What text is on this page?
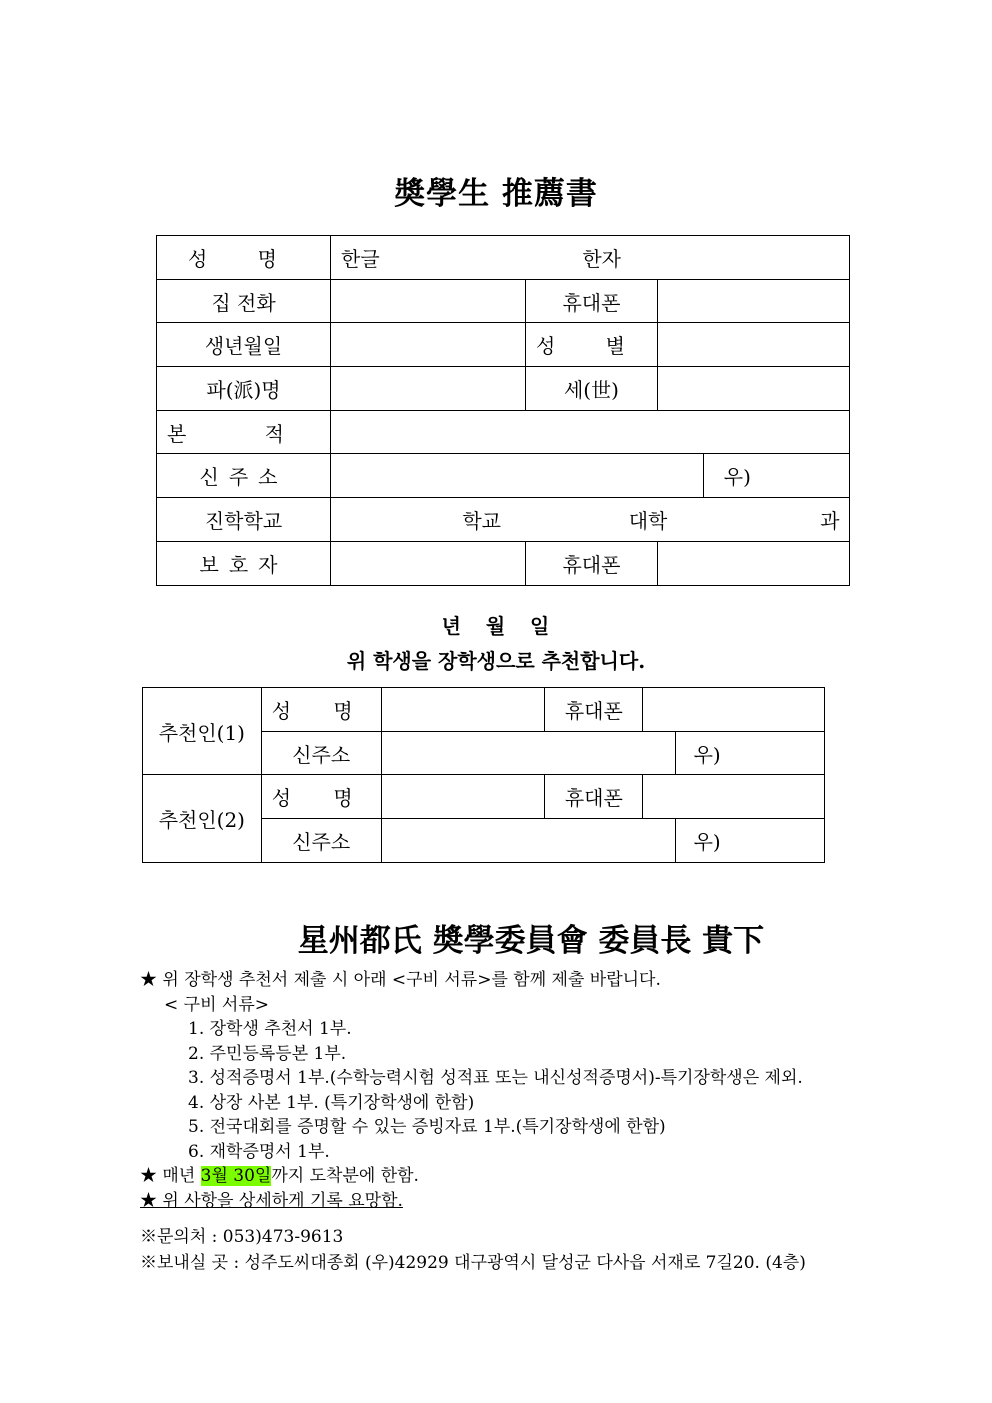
奬學生 推薦書
성 명	한글 한자			
집 전화		휴대폰		
생년월일		성 별		
파(派)명		세(世)		
본 적				
신주소				우)
진학학교	학교 대학 과			
보호자		휴대폰		
년   월   일
위 학생을 장학생으로 추천합니다.
추천인(1)	성 명		휴대폰		
	신주소				우)
추천인(2)	성 명		휴대폰		
	신주소				우)
星州都氏 奬學委員會 委員長 貴下
★ 위 장학생 추천서 제출 시 아래 <구비 서류>를 함께 제출 바랍니다.
< 구비 서류>
1. 장학생 추천서 1부.
2. 주민등록등본 1부.
3. 성적증명서 1부.(수학능력시험 성적표 또는 내신성적증명서)-특기장학생은 제외.
4. 상장 사본 1부. (특기장학생에 한함)
5. 전국대회를 증명할 수 있는 증빙자료 1부.(특기장학생에 한함)
6. 재학증명서 1부.
★ 매년 3월 30일까지 도착분에 한함.
★ 위 사항을 상세하게 기록 요망함.
※문의처 : 053)473-9613
※보내실 곳 : 성주도씨대종회 (우)42929 대구광역시 달성군 다사읍 서재로 7길20. (4층)
